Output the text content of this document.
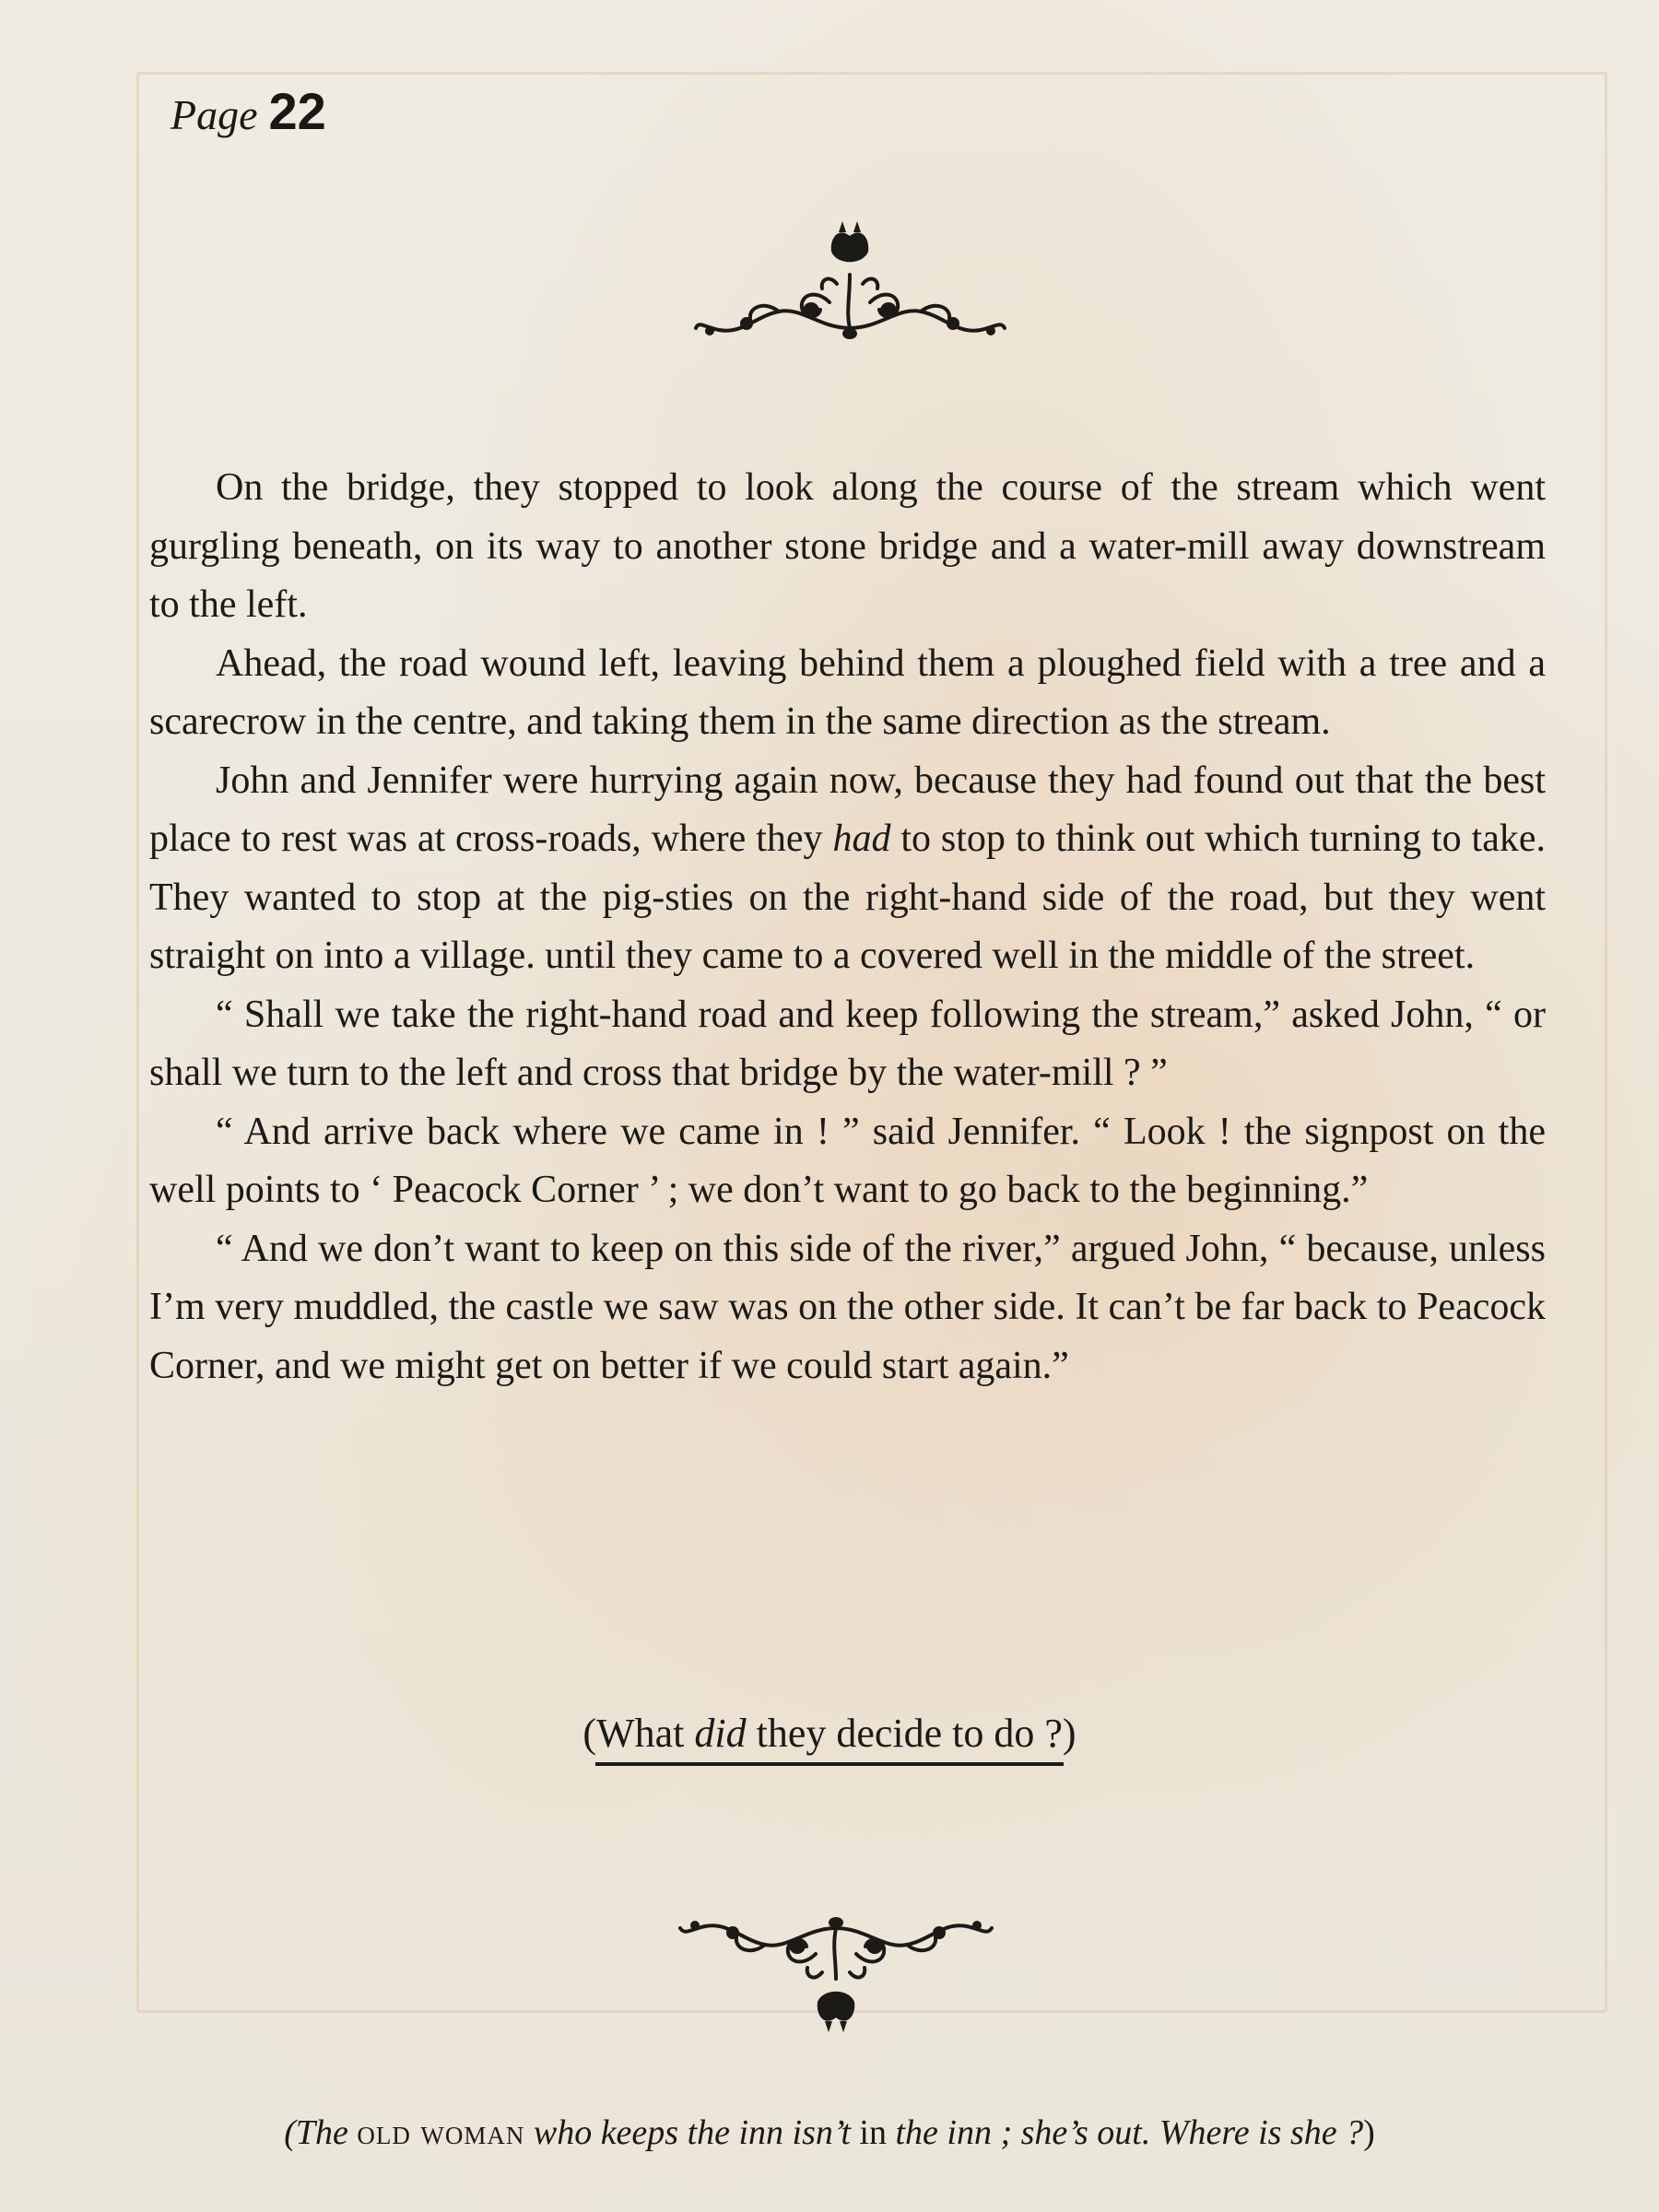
Page 22

On the bridge, they stopped to look along the course of the stream which went gurgling beneath, on its way to another stone bridge and a water-mill away downstream to the left.

Ahead, the road wound left, leaving behind them a ploughed field with a tree and a scarecrow in the centre, and taking them in the same direction as the stream.

John and Jennifer were hurrying again now, because they had found out that the best place to rest was at cross-roads, where they had to stop to think out which turning to take. They wanted to stop at the pig-sties on the right-hand side of the road, but they went straight on into a village. until they came to a covered well in the middle of the street.

“ Shall we take the right-hand road and keep following the stream,” asked John, “ or shall we turn to the left and cross that bridge by the water-mill ? ”

“ And arrive back where we came in ! ” said Jennifer. “ Look ! the signpost on the well points to ‘ Peacock Corner ’ ; we don’t want to go back to the beginning.”

“ And we don’t want to keep on this side of the river,” argued John, “ because, unless I’m very muddled, the castle we saw was on the other side. It can’t be far back to Peacock Corner, and we might get on better if we could start again.”

(What did they decide to do ?)
(The old woman who keeps the inn isn’t in the inn ; she’s out. Where is she ?)
